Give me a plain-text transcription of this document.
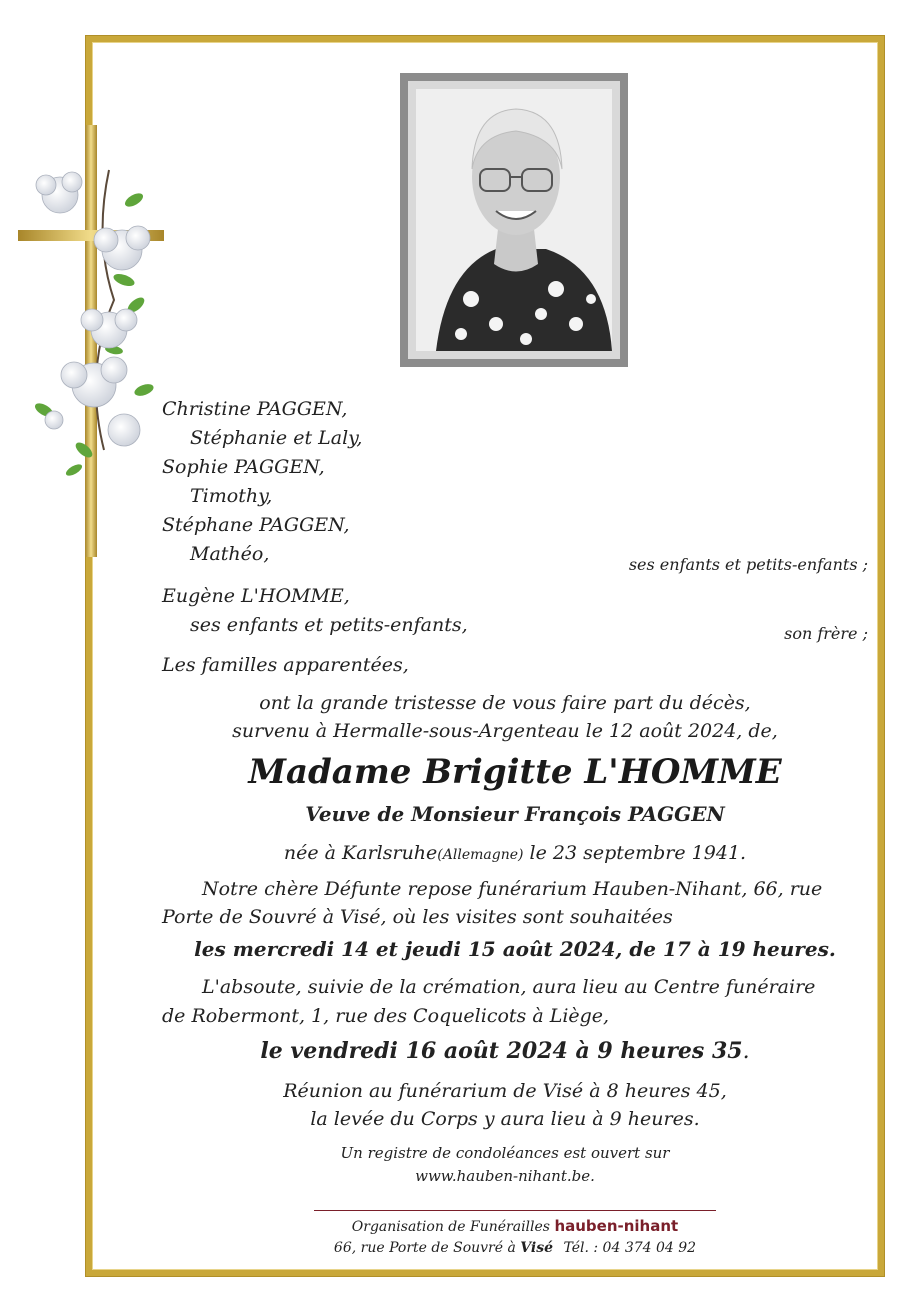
Christine PAGGEN,
Stéphanie et Laly,
Sophie PAGGEN,
Timothy,
Stéphane PAGGEN,
Mathéo,	ses enfants et petits-enfants ;
Eugène L'HOMME,
ses enfants et petits-enfants,	son frère ;
Les familles apparentées,
ont la grande tristesse de vous faire part du décès,
survenu à Hermalle-sous-Argenteau le 12 août 2024, de,
Madame Brigitte L'HOMME
Veuve de Monsieur François PAGGEN
née à Karlsruhe(Allemagne) le 23 septembre 1941.
Notre chère Défunte repose funérarium Hauben-Nihant, 66, rue
Porte de Souvré à Visé, où les visites sont souhaitées
les mercredi 14 et jeudi 15 août 2024, de 17 à 19 heures.
L'absoute, suivie de la crémation, aura lieu au Centre funéraire
de Robermont, 1, rue des Coquelicots à Liège,
le vendredi 16 août 2024 à 9 heures 35.
Réunion au funérarium de Visé à 8 heures 45,
la levée du Corps y aura lieu à 9 heures.
Un registre de condoléances est ouvert sur
www.hauben-nihant.be.
Organisation de Funérailles hauben-nihant
66, rue Porte de Souvré à Visé Tél. : 04 374 04 92
